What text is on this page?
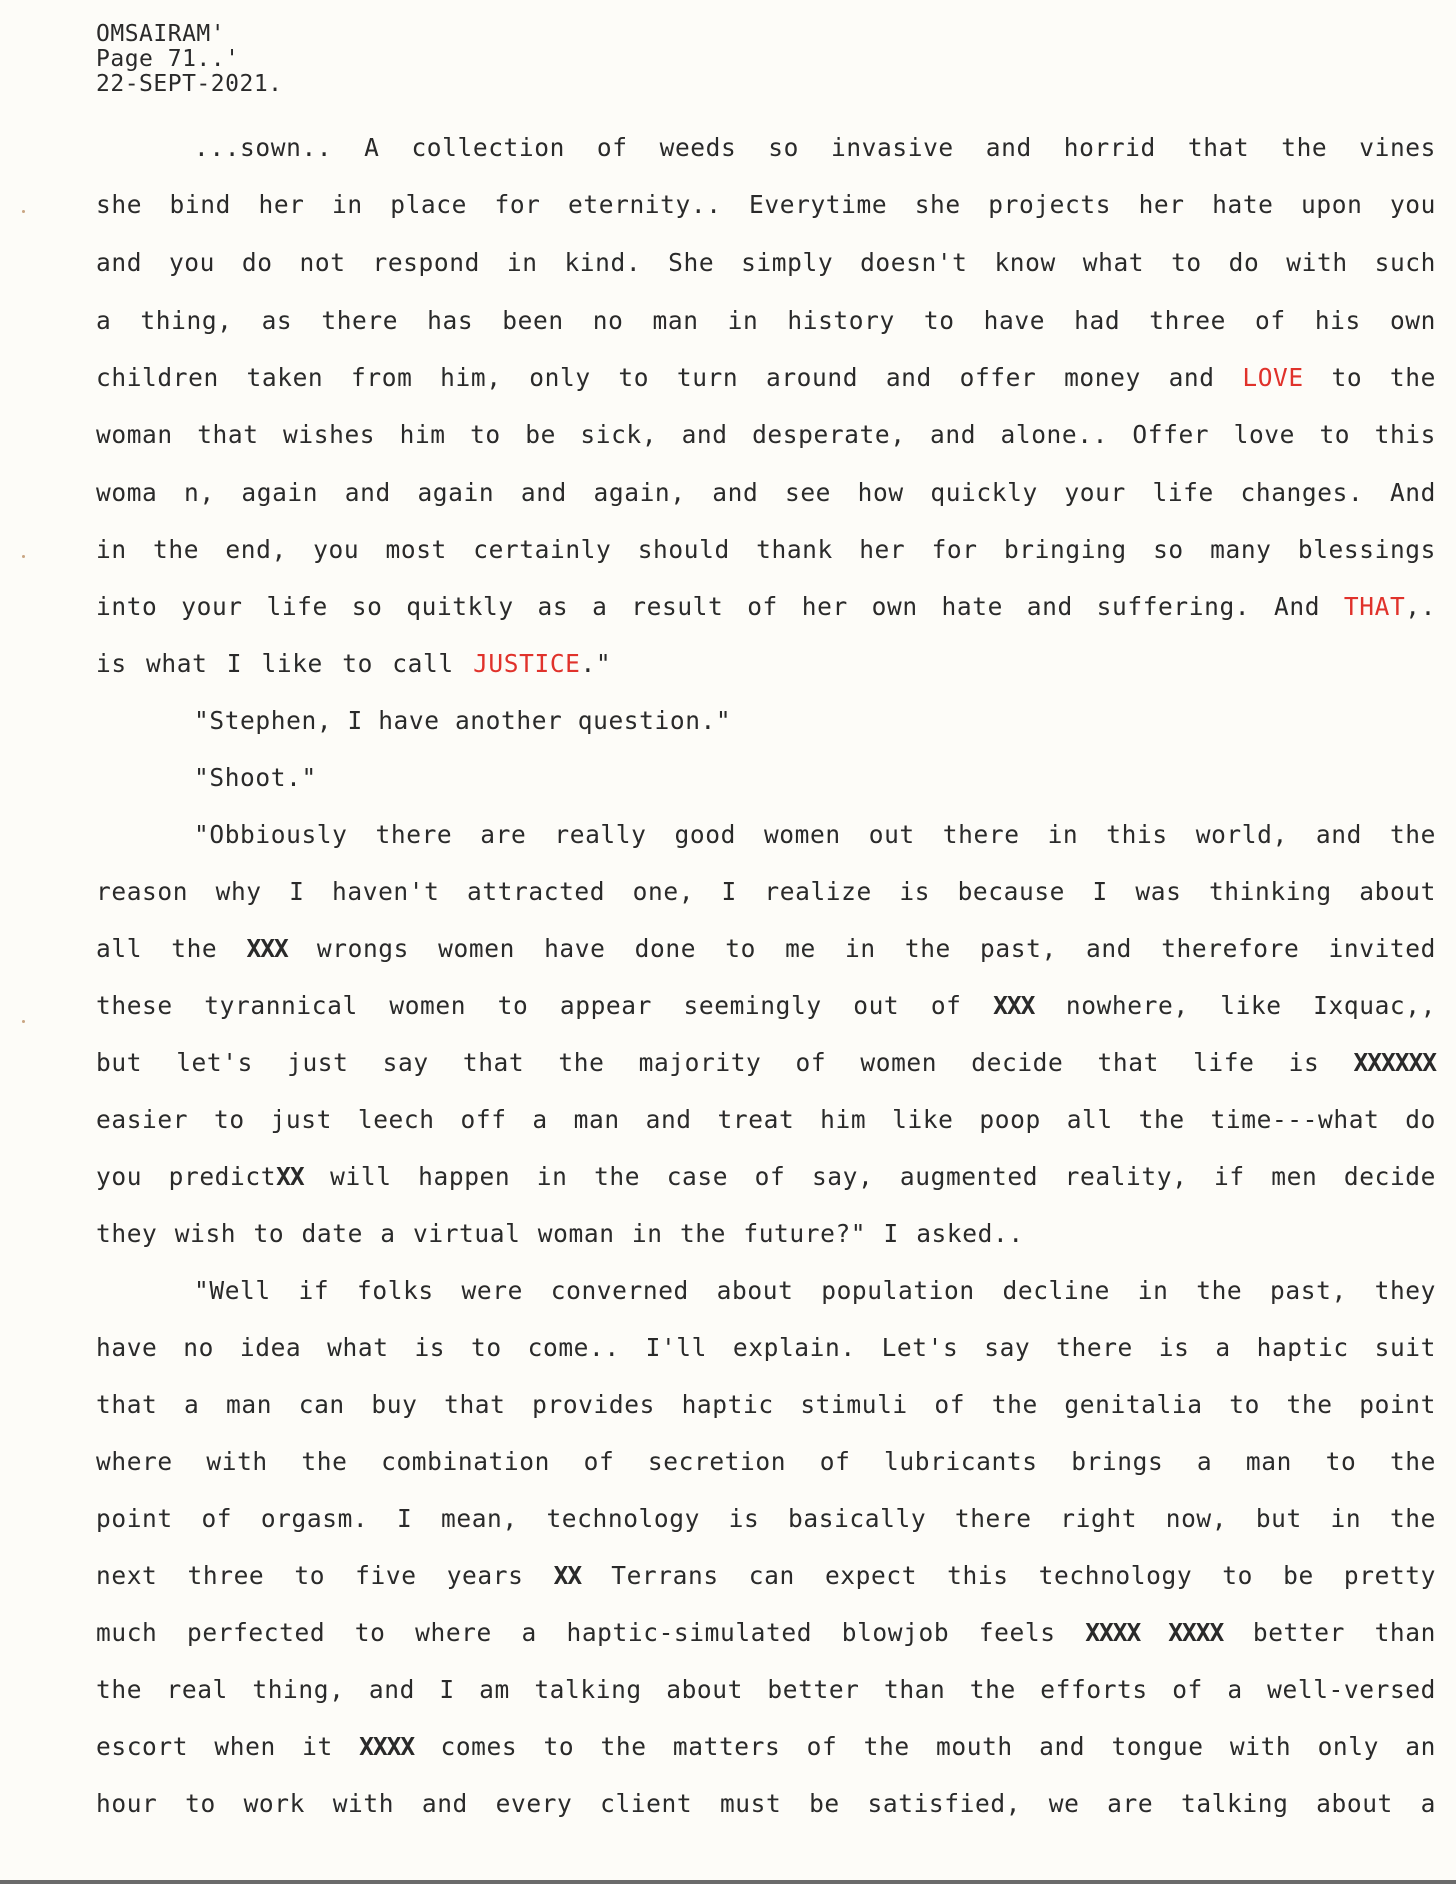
OMSAIRAM'
Page 71..'
22-SEPT-2021.
...sown.. A collection of weeds so invasive and horrid that the vines
she bind her in place for eternity.. Everytime she projects her hate upon you
and you do not respond in kind. She simply doesn't know what to do with such
a thing, as there has been no man in history to have had three of his own
children taken from him, only to turn around and offer money and LOVE to the
woman that wishes him to be sick, and desperate, and alone.. Offer love to this
woma n, again and again and again, and see how quickly your life changes. And
in the end, you most certainly should thank her for bringing so many blessings
into your life so quitkly as a result of her own hate and suffering. And THAT,.
is what I like to call JUSTICE."
"Stephen, I have another question."
"Shoot."
"Obbiously there are really good women out there in this world, and the
reason why I haven't attracted one, I realize is because I was thinking about
all the XXX wrongs women have done to me in the past, and therefore invited
these tyrannical women to appear seemingly out of XXX nowhere, like Ixquac,,
but let's just say that the majority of women decide that life is XXXXXX
easier to just leech off a man and treat him like poop all the time---what do
you predictXX will happen in the case of say, augmented reality, if men decide
they wish to date a virtual woman in the future?" I asked..
"Well if folks were converned about population decline in the past, they
have no idea what is to come.. I'll explain. Let's say there is a haptic suit
that a man can buy that provides haptic stimuli of the genitalia to the point
where with the combination of secretion of lubricants brings a man to the
point of orgasm. I mean, technology is basically there right now, but in the
next three to five years XX Terrans can expect this technology to be pretty
much perfected to where a haptic-simulated blowjob feels XXXX XXXX better than
the real thing, and I am talking about better than the efforts of a well-versed
escort when it XXXX comes to the matters of the mouth and tongue with only an
hour to work with and every client must be satisfied, we are talking about a
